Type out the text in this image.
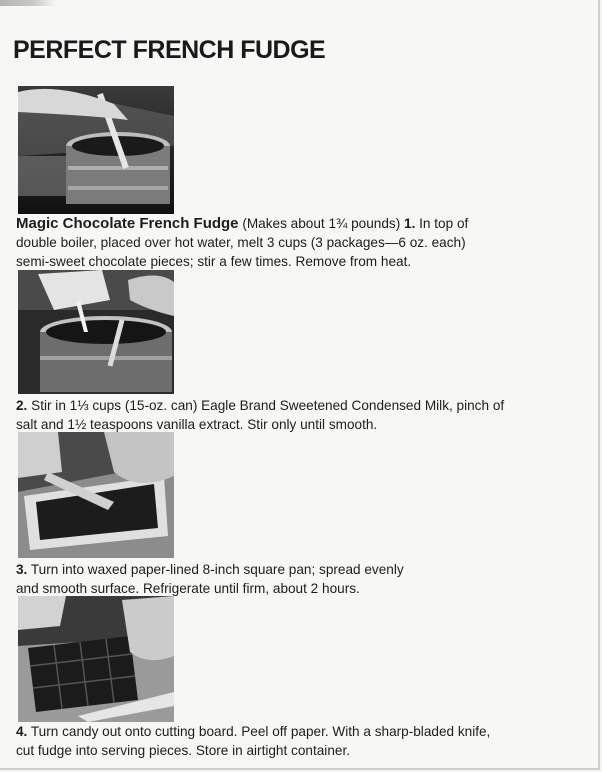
PERFECT FRENCH FUDGE
Magic Chocolate French Fudge (Makes about 1¾ pounds) 1. In top of
double boiler, placed over hot water, melt 3 cups (3 packages—6 oz. each)
semi-sweet chocolate pieces; stir a few times. Remove from heat.
2. Stir in 1⅓ cups (15-oz. can) Eagle Brand Sweetened Condensed Milk, pinch of
salt and 1½ teaspoons vanilla extract. Stir only until smooth.
3. Turn into waxed paper-lined 8-inch square pan; spread evenly
and smooth surface. Refrigerate until firm, about 2 hours.
4. Turn candy out onto cutting board. Peel off paper. With a sharp-bladed knife,
cut fudge into serving pieces. Store in airtight container.
